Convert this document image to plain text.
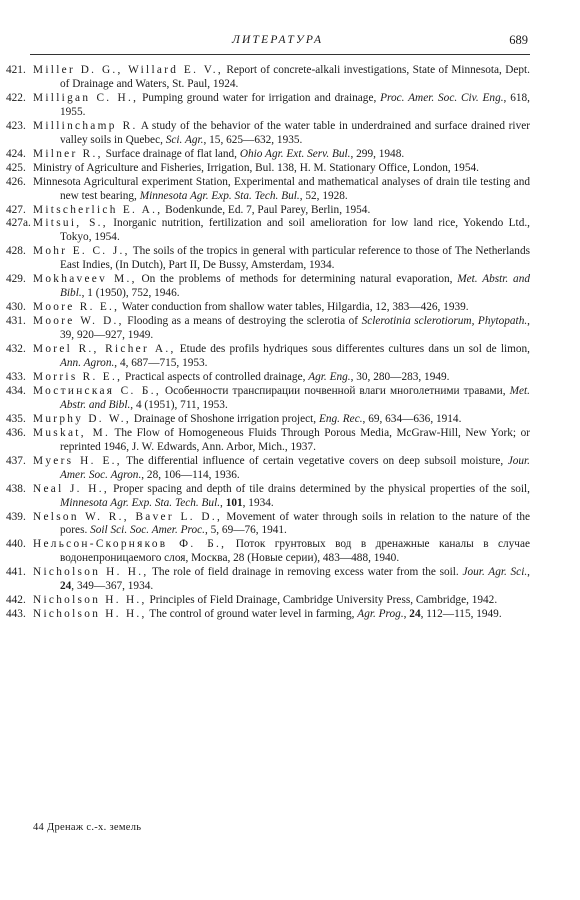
ЛИТЕРАТУРА	689

421.Miller D. G., Willard E. V., Report of concrete-alkali investigations, State of Minnesota, Dept. of Drainage and Waters, St. Paul, 1924.

422.Milligan C. H., Pumping ground water for irrigation and drainage, Proc. Amer. Soc. Civ. Eng., 618, 1955.

423.Millinchamp R. A study of the behavior of the water table in underdrained and surface drained river valley soils in Quebec, Sci. Agr., 15, 625—632, 1935.

424.Milner R., Surface drainage of flat land, Ohio Agr. Ext. Serv. Bul., 299, 1948.

425.Ministry of Agriculture and Fisheries, Irrigation, Bul. 138, H. M. Stationary Office, London, 1954.

426.Minnesota Agricultural experiment Station, Experimental and mathematical analyses of drain tile testing and new test bearing, Minnesota Agr. Exp. Sta. Tech. Bul., 52, 1928.

427.Mitscherlich E. A., Bodenkunde, Ed. 7, Paul Parey, Berlin, 1954.

427a.Mitsui, S., Inorganic nutrition, fertilization and soil amelioration for low land rice, Yokendo Ltd., Tokyo, 1954.

428.Mohr E. C. J., The soils of the tropics in general with particular reference to those of The Netherlands East Indies, (In Dutch), Part II, De Bussy, Amsterdam, 1934.

429.Mokhaveev M., On the problems of methods for determining natural evaporation, Met. Abstr. and Bibl., 1 (1950), 752, 1946.

430.Moore R. E., Water conduction from shallow water tables, Hilgardia, 12, 383—426, 1939.

431.Moore W. D., Flooding as a means of destroying the sclerotia of Sclerotinia sclerotiorum, Phytopath., 39, 920—927, 1949.

432.Morel R., Richer A., Etude des profils hydriques sous differentes cultures dans un sol de limon, Ann. Agron., 4, 687—715, 1953.

433.Morris R. E., Practical aspects of controlled drainage, Agr. Eng., 30, 280—283, 1949.

434.Мостинская С. Б., Особенности транспирации почвенной влаги многолетними травами, Met. Abstr. and Bibl., 4 (1951), 711, 1953.

435.Murphy D. W., Drainage of Shoshone irrigation project, Eng. Rec., 69, 634—636, 1914.

436.Muskat, M. The Flow of Homogeneous Fluids Through Porous Media, McGraw-Hill, New York; or reprinted 1946, J. W. Edwards, Ann. Arbor, Mich., 1937.

437.Myers H. E., The differential influence of certain vegetative covers on deep subsoil moisture, Jour. Amer. Soc. Agron., 28, 106—114, 1936.

438.Neal J. H., Proper spacing and depth of tile drains determined by the physical properties of the soil, Minnesota Agr. Exp. Sta. Tech. Bul., 101, 1934.

439.Nelson W. R., Baver L. D., Movement of water through soils in relation to the nature of the pores. Soil Sci. Soc. Amer. Proc., 5, 69—76, 1941.

440.Нельсон-Скорняков Ф. Б., Поток грунтовых вод в дренажные каналы в случае водонепроницаемого слоя, Москва, 28 (Новые серии), 483—488, 1940.

441.Nicholson H. H., The role of field drainage in removing excess water from the soil. Jour. Agr. Sci., 24, 349—367, 1934.

442.Nicholson H. H., Principles of Field Drainage, Cambridge University Press, Cambridge, 1942.

443.Nicholson H. H., The control of ground water level in farming, Agr. Prog., 24, 112—115, 1949.

44 Дренаж с.-х. земель
